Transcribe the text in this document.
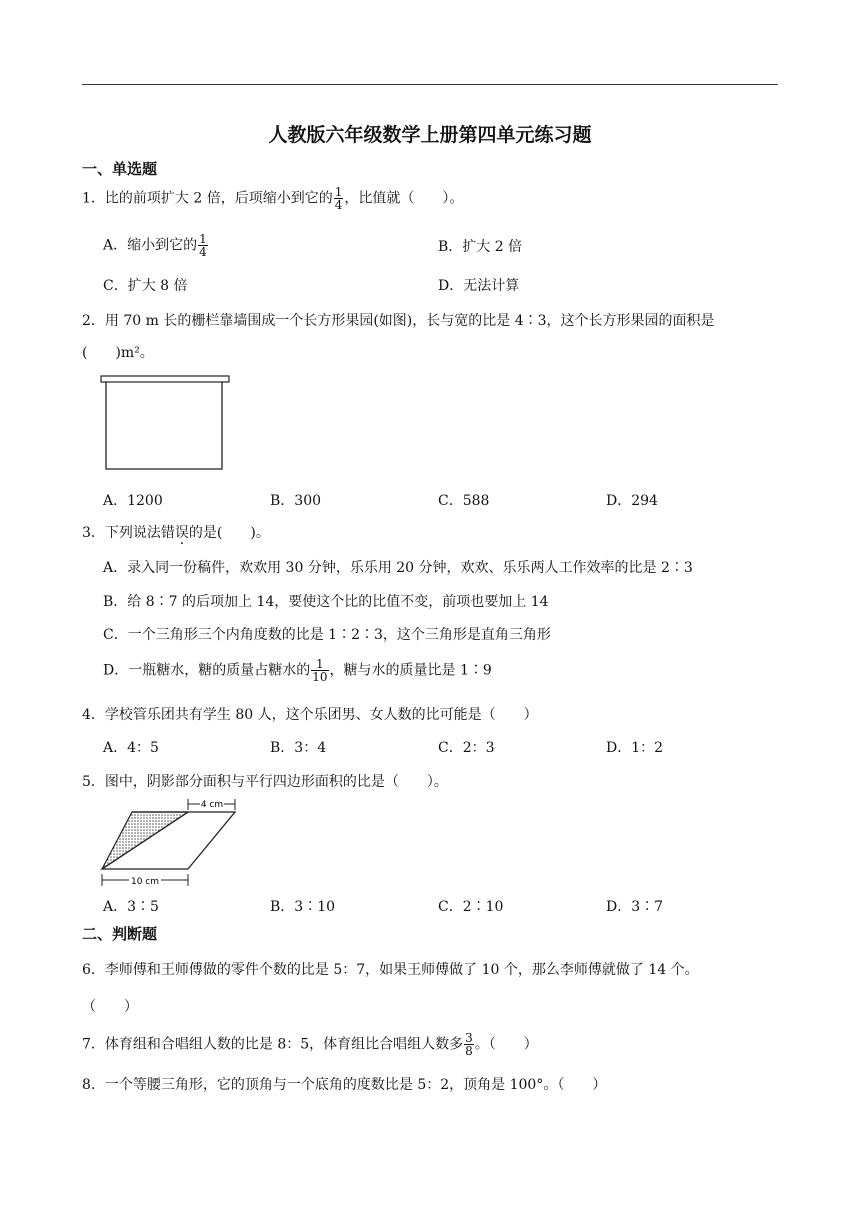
人教版六年级数学上册第四单元练习题
一、单选题
1．比的前项扩大 2 倍，后项缩小到它的 $\frac{1}{4}$ ，比值就（　　）。
A．缩小到它的 $\frac{1}{4}$	B．扩大 2 倍
C．扩大 8 倍	D．无法计算
2．用 70 m 长的栅栏靠墙围成一个长方形果园(如图)，长与宽的比是 4∶3，这个长方形果园的面积是
(　　)m²。
A．1200	B．300	C．588	D．294
3．下列说法错误的是(　　)。
A．录入同一份稿件，欢欢用 30 分钟，乐乐用 20 分钟，欢欢、乐乐两人工作效率的比是 2∶3
B．给 8∶7 的后项加上 14，要使这个比的比值不变，前项也要加上 14
C．一个三角形三个内角度数的比是 1∶2∶3，这个三角形是直角三角形
D．一瓶糖水，糖的质量占糖水的 $\frac{1}{10}$ ，糖与水的质量比是 1∶9
4．学校管乐团共有学生 80 人，这个乐团男、女人数的比可能是（　　）
A．4：5	B．3：4	C．2：3	D．1：2
5．图中，阴影部分面积与平行四边形面积的比是（　　）。
4 cm
10 cm
A．3∶5	B．3∶10	C．2∶10	D．3∶7
二、判断题
6．李师傅和王师傅做的零件个数的比是 5：7，如果王师傅做了 10 个，那么李师傅就做了 14 个。
（　　）
7．体育组和合唱组人数的比是 8：5，体育组比合唱组人数多 $\frac{3}{8}$ 。（　　）
8．一个等腰三角形，它的顶角与一个底角的度数比是 5：2，顶角是 100°。（　　）
